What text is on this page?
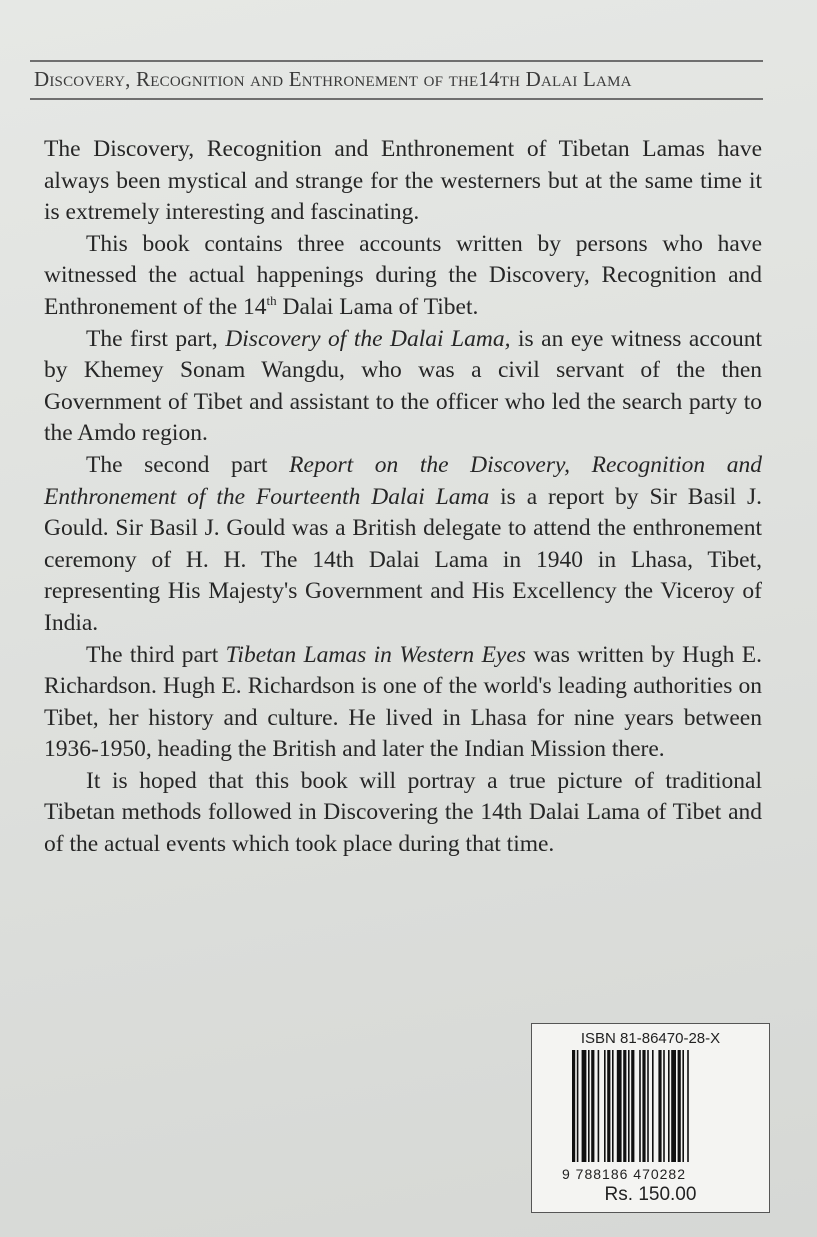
Discovery, Recognition and Enthronement of the14th Dalai Lama

The Discovery, Recognition and Enthronement of Tibetan Lamas have always been mystical and strange for the westerners but at the same time it is extremely interesting and fascinating.

This book contains three accounts written by persons who have witnessed the actual happenings during the Discovery, Recognition and Enthronement of the 14th Dalai Lama of Tibet.

The first part, Discovery of the Dalai Lama, is an eye witness account by Khemey Sonam Wangdu, who was a civil servant of the then Government of Tibet and assistant to the officer who led the search party to the Amdo region.

The second part Report on the Discovery, Recognition and Enthronement of the Fourteenth Dalai Lama is a report by Sir Basil J. Gould. Sir Basil J. Gould was a British delegate to attend the enthronement ceremony of H. H. The 14th Dalai Lama in 1940 in Lhasa, Tibet, representing His Majesty's Government and His Excellency the Viceroy of India.

The third part Tibetan Lamas in Western Eyes was written by Hugh E. Richardson. Hugh E. Richardson is one of the world's leading authorities on Tibet, her history and culture. He lived in Lhasa for nine years between 1936-1950, heading the British and later the Indian Mission there.

It is hoped that this book will portray a true picture of traditional Tibetan methods followed in Discovering the 14th Dalai Lama of Tibet and of the actual events which took place during that time.

ISBN 81-86470-28-X
9 788186 470282
Rs. 150.00
